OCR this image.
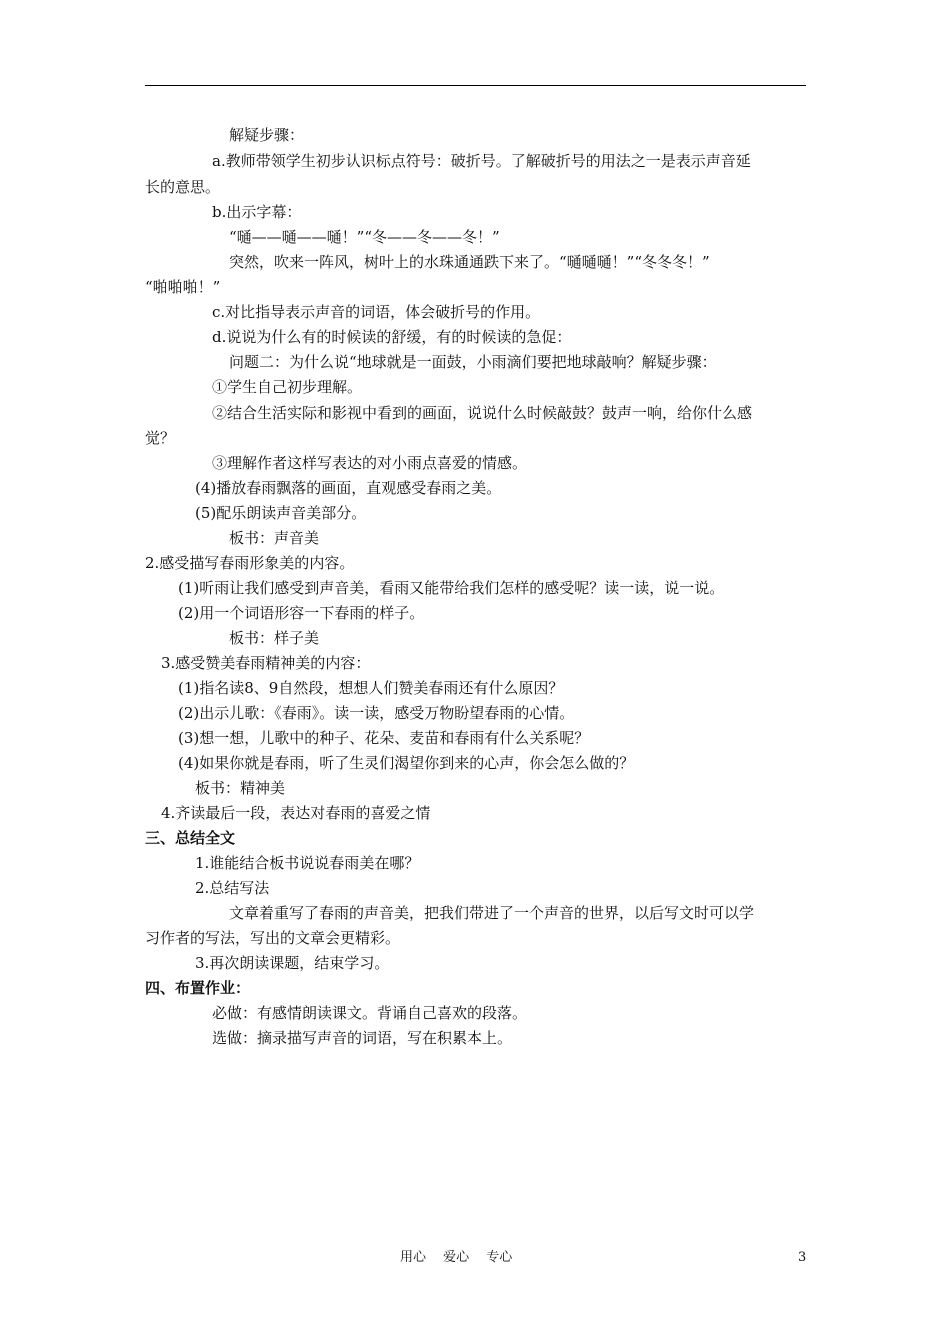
解疑步骤：
a.教师带领学生初步认识标点符号：破折号。了解破折号的用法之一是表示声音延
长的意思。
b.出示字幕：
“嗵——嗵——嗵！”“冬——冬——冬！”
突然，吹来一阵风，树叶上的水珠通通跌下来了。“嗵嗵嗵！”“冬冬冬！”
“啪啪啪！”
c.对比指导表示声音的词语，体会破折号的作用。
d.说说为什么有的时候读的舒缓，有的时候读的急促：
问题二：为什么说“地球就是一面鼓，小雨滴们要把地球敲响？解疑步骤：
①学生自己初步理解。
②结合生活实际和影视中看到的画面，说说什么时候敲鼓？鼓声一响，给你什么感
觉？
③理解作者这样写表达的对小雨点喜爱的情感。
(4)播放春雨飘落的画面，直观感受春雨之美。
(5)配乐朗读声音美部分。
板书：声音美
2.感受描写春雨形象美的内容。
(1)听雨让我们感受到声音美，看雨又能带给我们怎样的感受呢？读一读，说一说。
(2)用一个词语形容一下春雨的样子。
板书：样子美
3.感受赞美春雨精神美的内容：
(1)指名读8、9自然段，想想人们赞美春雨还有什么原因？
(2)出示儿歌：《春雨》。读一读，感受万物盼望春雨的心情。
(3)想一想，儿歌中的种子、花朵、麦苗和春雨有什么关系呢？
(4)如果你就是春雨，听了生灵们渴望你到来的心声，你会怎么做的？
板书：精神美
4.齐读最后一段，表达对春雨的喜爱之情
三、总结全文
1.谁能结合板书说说春雨美在哪？
2.总结写法
文章着重写了春雨的声音美，把我们带进了一个声音的世界，以后写文时可以学
习作者的写法，写出的文章会更精彩。
3.再次朗读课题，结束学习。
四、布置作业：
必做：有感情朗读课文。背诵自己喜欢的段落。
选做：摘录描写声音的词语，写在积累本上。
用心　 爱心　 专心	3
